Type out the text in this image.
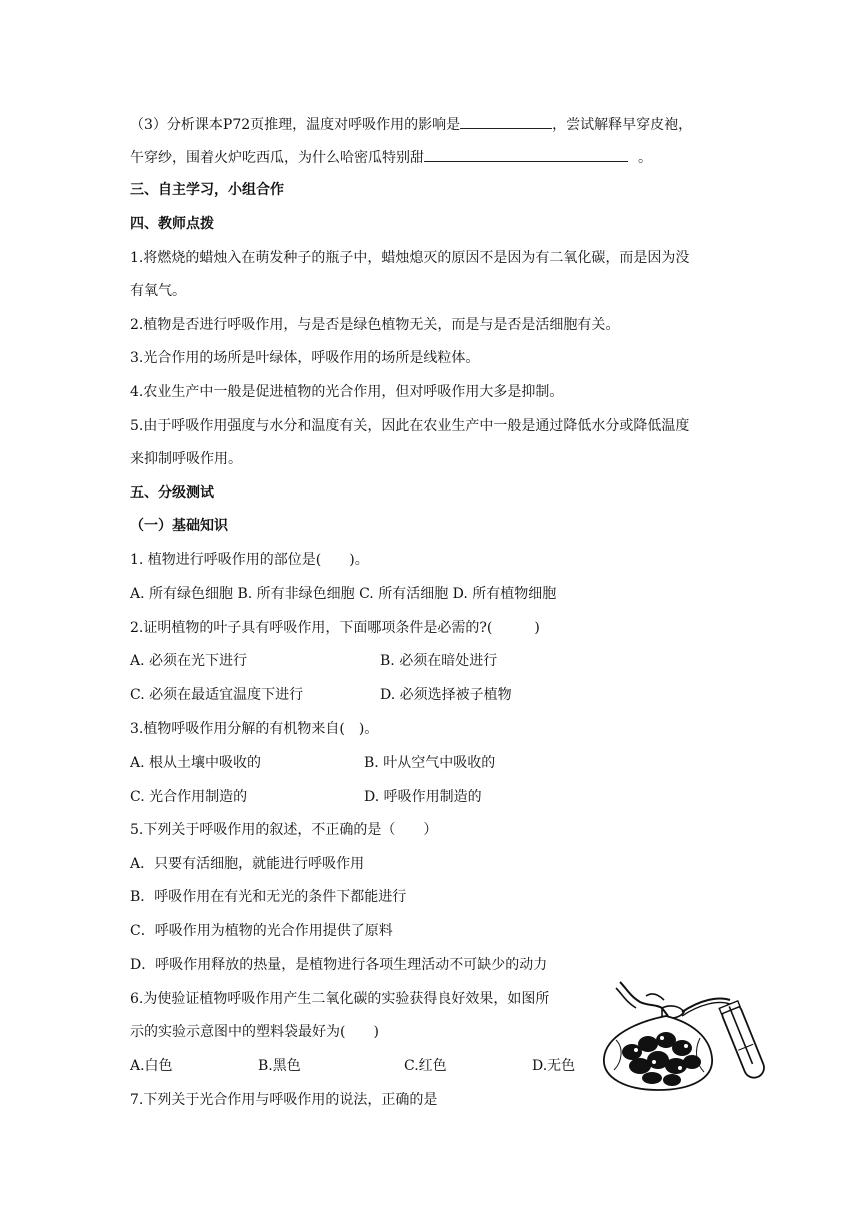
（3）分析课本P72页推理，温度对呼吸作用的影响是	，尝试解释早穿皮袍，
午穿纱，围着火炉吃西瓜，为什么哈密瓜特别甜	。
三、自主学习，小组合作
四、教师点拨
1.将燃烧的蜡烛入在萌发种子的瓶子中，蜡烛熄灭的原因不是因为有二氧化碳，而是因为没
有氧气。
2.植物是否进行呼吸作用，与是否是绿色植物无关，而是与是否是活细胞有关。
3.光合作用的场所是叶绿体，呼吸作用的场所是线粒体。
4.农业生产中一般是促进植物的光合作用，但对呼吸作用大多是抑制。
5.由于呼吸作用强度与水分和温度有关，因此在农业生产中一般是通过降低水分或降低温度
来抑制呼吸作用。
五、分级测试
（一）基础知识
1. 植物进行呼吸作用的部位是(　　)。
A. 所有绿色细胞 B. 所有非绿色细胞 C. 所有活细胞 D. 所有植物细胞
2.证明植物的叶子具有呼吸作用，下面哪项条件是必需的?(　　　)
A. 必须在光下进行	B. 必须在暗处进行
C. 必须在最适宜温度下进行	D. 必须选择被子植物
3.植物呼吸作用分解的有机物来自(　)。
A. 根从土壤中吸收的	B. 叶从空气中吸收的
C. 光合作用制造的	D. 呼吸作用制造的
5.下列关于呼吸作用的叙述，不正确的是（　　）
A．只要有活细胞，就能进行呼吸作用
B．呼吸作用在有光和无光的条件下都能进行
C．呼吸作用为植物的光合作用提供了原料
D．呼吸作用释放的热量，是植物进行各项生理活动不可缺少的动力
6.为使验证植物呼吸作用产生二氧化碳的实验获得良好效果，如图所
示的实验示意图中的塑料袋最好为(　　)
A.白色	B.黑色	C.红色	D.无色
7.下列关于光合作用与呼吸作用的说法，正确的是
